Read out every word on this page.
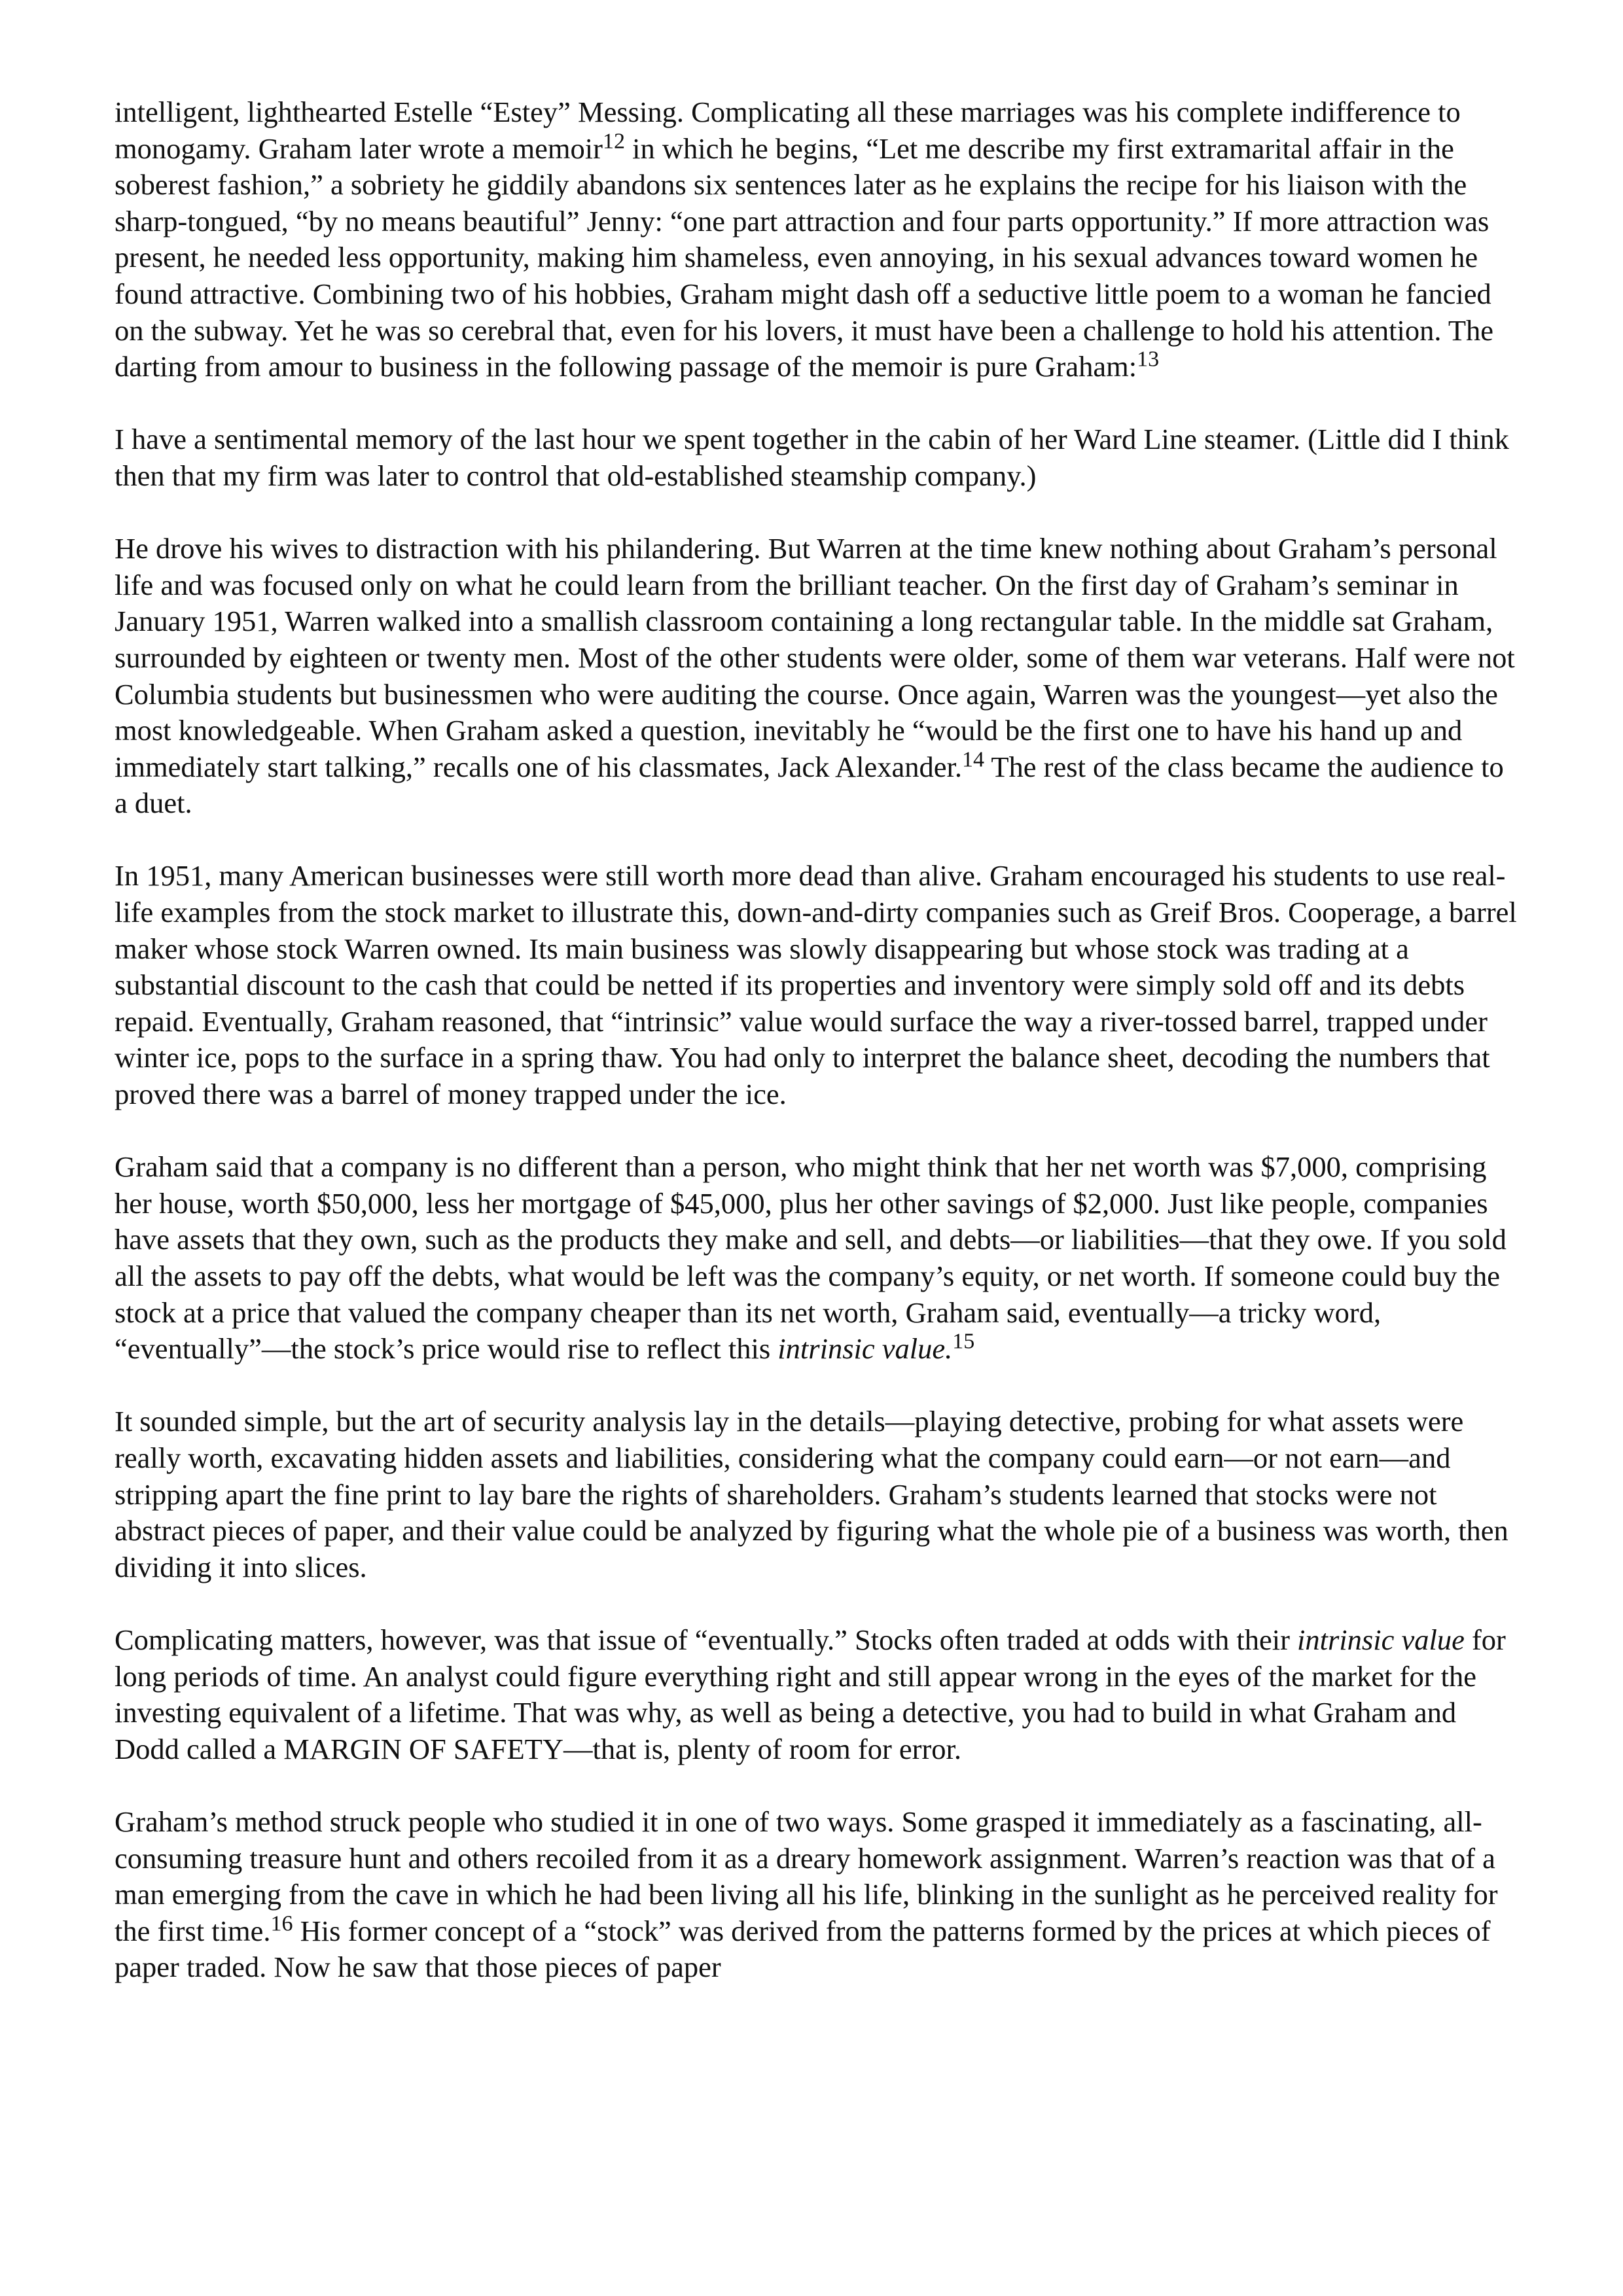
intelligent, lighthearted Estelle “Estey” Messing. Complicating all these marriages was his complete indifference to monogamy. Graham later wrote a memoir$^{12}$ in which he begins, “Let me describe my first extramarital affair in the soberest fashion,” a sobriety he giddily abandons six sentences later as he explains the recipe for his liaison with the sharp-tongued, “by no means beautiful” Jenny: “one part attraction and four parts opportunity.” If more attraction was present, he needed less opportunity, making him shameless, even annoying, in his sexual advances toward women he found attractive. Combining two of his hobbies, Graham might dash off a seductive little poem to a woman he fancied on the subway. Yet he was so cerebral that, even for his lovers, it must have been a challenge to hold his attention. The darting from amour to business in the following passage of the memoir is pure Graham:$^{13}$

I have a sentimental memory of the last hour we spent together in the cabin of her Ward Line steamer. (Little did I think then that my firm was later to control that old-established steamship company.)

He drove his wives to distraction with his philandering. But Warren at the time knew nothing about Graham’s personal life and was focused only on what he could learn from the brilliant teacher. On the first day of Graham’s seminar in January 1951, Warren walked into a smallish classroom containing a long rectangular table. In the middle sat Graham, surrounded by eighteen or twenty men. Most of the other students were older, some of them war veterans. Half were not Columbia students but businessmen who were auditing the course. Once again, Warren was the youngest—yet also the most knowledgeable. When Graham asked a question, inevitably he “would be the first one to have his hand up and immediately start talking,” recalls one of his classmates, Jack Alexander.$^{14}$ The rest of the class became the audience to a duet.

In 1951, many American businesses were still worth more dead than alive. Graham encouraged his students to use real-life examples from the stock market to illustrate this, down-and-dirty companies such as Greif Bros. Cooperage, a barrel maker whose stock Warren owned. Its main business was slowly disappearing but whose stock was trading at a substantial discount to the cash that could be netted if its properties and inventory were simply sold off and its debts repaid. Eventually, Graham reasoned, that “intrinsic” value would surface the way a river-tossed barrel, trapped under winter ice, pops to the surface in a spring thaw. You had only to interpret the balance sheet, decoding the numbers that proved there was a barrel of money trapped under the ice.

Graham said that a company is no different than a person, who might think that her net worth was $7,000, comprising her house, worth $50,000, less her mortgage of $45,000, plus her other savings of $2,000. Just like people, companies have assets that they own, such as the products they make and sell, and debts—or liabilities—that they owe. If you sold all the assets to pay off the debts, what would be left was the company’s equity, or net worth. If someone could buy the stock at a price that valued the company cheaper than its net worth, Graham said, eventually—a tricky word, “eventually”—the stock’s price would rise to reflect this intrinsic value.$^{15}$

It sounded simple, but the art of security analysis lay in the details—playing detective, probing for what assets were really worth, excavating hidden assets and liabilities, considering what the company could earn—or not earn—and stripping apart the fine print to lay bare the rights of shareholders. Graham’s students learned that stocks were not abstract pieces of paper, and their value could be analyzed by figuring what the whole pie of a business was worth, then dividing it into slices.

Complicating matters, however, was that issue of “eventually.” Stocks often traded at odds with their intrinsic value for long periods of time. An analyst could figure everything right and still appear wrong in the eyes of the market for the investing equivalent of a lifetime. That was why, as well as being a detective, you had to build in what Graham and Dodd called a MARGIN OF SAFETY—that is, plenty of room for error.

Graham’s method struck people who studied it in one of two ways. Some grasped it immediately as a fascinating, all-consuming treasure hunt and others recoiled from it as a dreary homework assignment. Warren’s reaction was that of a man emerging from the cave in which he had been living all his life, blinking in the sunlight as he perceived reality for the first time.$^{16}$ His former concept of a “stock” was derived from the patterns formed by the prices at which pieces of paper traded. Now he saw that those pieces of paper
